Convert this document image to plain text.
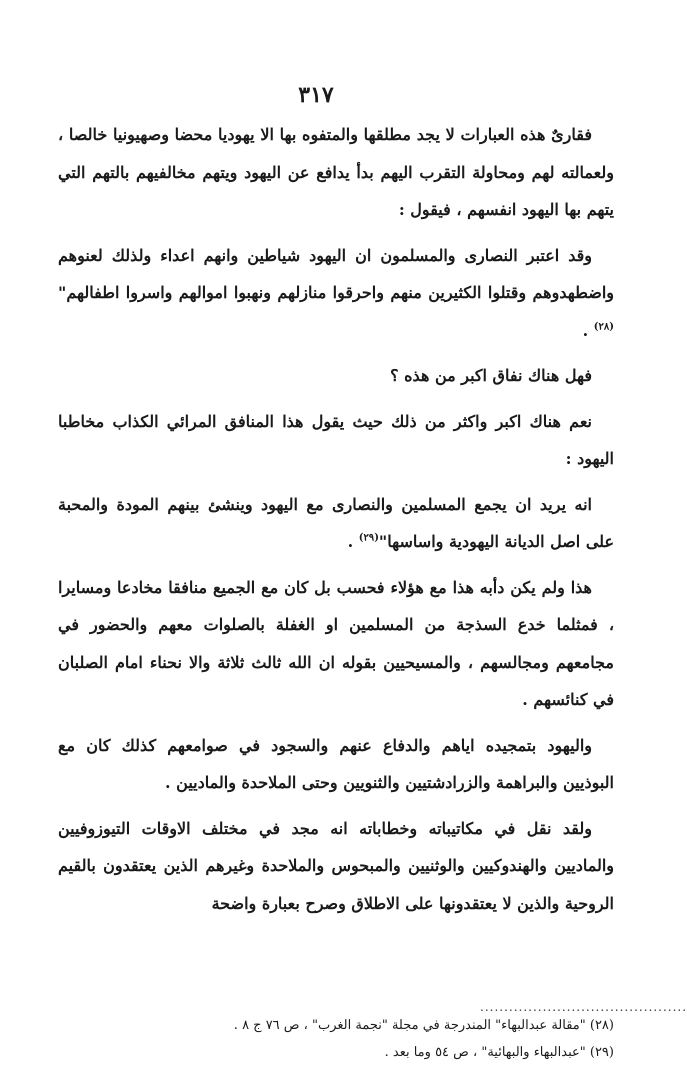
٣١٧

فقارىٌ هذه العبارات لا يجد مطلقها والمتفوه بها الا يهوديا محضا وصهيونيا خالصا ، ولعمالته لهم ومحاولة التقرب اليهم بدأ يدافع عن اليهود ويتهم مخالفيهم بالتهم التي يتهم بها اليهود انفسهم ، فيقول :

وقد اعتبر النصارى والمسلمون ان اليهود شياطين وانهم اعداء ولذلك لعنوهم واضطهدوهم وقتلوا الكثيرين منهم واحرقوا منازلهم ونهبوا اموالهم واسروا اطفالهم"$^{(٢٨)}$ .

فهل هناك نفاق اكبر من هذه ؟

نعم هناك اكبر واكثر من ذلك حيث يقول هذا المنافق المرائي الكذاب مخاطبا اليهود :

انه يريد ان يجمع المسلمين والنصارى مع اليهود وينشئ بينهم المودة والمحبة على اصل الديانة اليهودية واساسها"$^{(٢٩)}$ .

هذا ولم يكن دأبه هذا مع هؤلاء فحسب بل كان مع الجميع منافقا مخادعا ومسايرا ، فمثلما خدع السذجة من المسلمين او الغفلة بالصلوات معهم والحضور في مجامعهم ومجالسهم ، والمسيحيين بقوله ان الله ثالث ثلاثة والا نحناء امام الصلبان في كنائسهم .

واليهود بتمجيده اياهم والدفاع عنهم والسجود في صوامعهم كذلك كان مع البوذيين والبراهمة والزرادشتيين والثنويين وحتى الملاحدة والماديين .

ولقد نقل في مكاتيباته وخطاباته انه مجد في مختلف الاوقات التيوزوفيين والماديين والهندوكيين والوثنيين والمبحوس والملاحدة وغيرهم الذين يعتقدون بالقيم الروحية والذين لا يعتقدونها على الاطلاق وصرح بعبارة واضحة

...........................................
(٢٨) "مقالة عبدالبهاء" المندرجة في مجلة "نجمة الغرب" ، ص ٧٦ ج ٨ .
(٢٩) "عبدالبهاء والبهائية" ، ص ٥٤ وما بعد .
